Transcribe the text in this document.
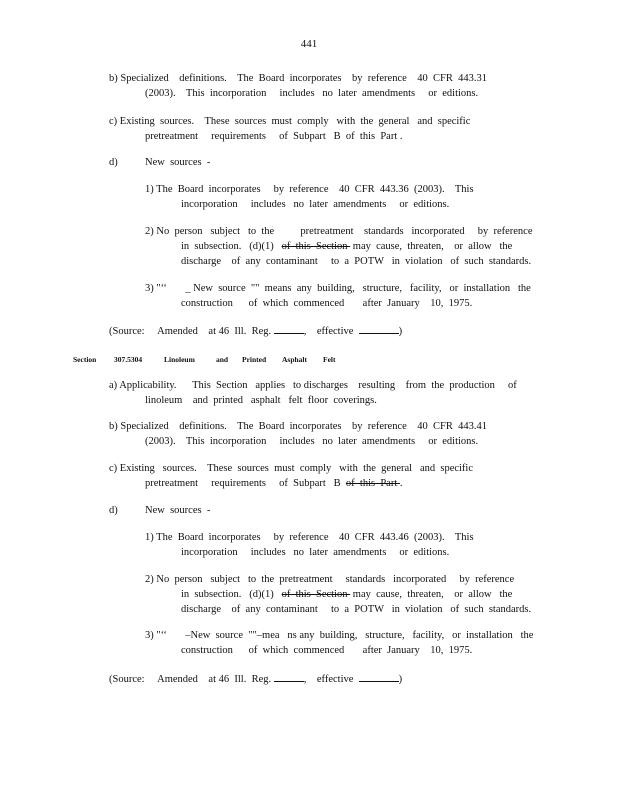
441
b) Specialized    definitions.    The  Board  incorporates    by  reference    40  CFR  443.31
(2003).    This  incorporation     includes   no  later  amendments     or  editions.
c) Existing  sources.    These  sources  must  comply   with  the  general   and  specific
pretreatment     requirements     of  Subpart   B  of  this  Part .
d)	New  sources  -
1) The  Board  incorporates     by  reference    40  CFR  443.36  (2003).    This
incorporation     includes   no  later  amendments     or  editions.
2) No  person   subject   to  the          pretreatment    standards   incorporated     by  reference
in  subsection.   (d)(1)   of  this  Section  may  cause,  threaten,    or  allow   the
discharge    of  any  contaminant     to  a  POTW   in  violation   of  such  standards.
3) "‘‘       _ New  source  ""  means  any  building,   structure,   facility,   or  installation   the
construction      of  which  commenced       after  January    10,  1975.
(Source:     Amended    at 46  Ill.  Reg.	,    effective	)
Section 307.5304	Linoleum	and Printed Asphalt Felt
a) Applicability.      This  Section   applies   to discharges    resulting    from  the  production     of
linoleum    and  printed   asphalt   felt  floor  coverings.
b) Specialized    definitions.    The  Board  incorporates    by  reference    40  CFR  443.41
(2003).    This  incorporation     includes   no  later  amendments     or  editions.
c) Existing   sources.    These  sources  must  comply   with  the  general   and  specific
pretreatment     requirements     of  Subpart   B  of  this  Part .
d)	New  sources  -
1) The  Board  incorporates     by  reference    40  CFR  443.46  (2003).    This
incorporation     includes   no  later  amendments     or  editions.
2) No  person   subject   to  the  pretreatment     standards   incorporated     by  reference
in  subsection.   (d)(1)   of  this  Section  may  cause,  threaten,    or  allow   the
discharge    of  any  contaminant     to  a  POTW   in  violation   of  such  standards.
3) "‘‘       –New  source  ""–mea   ns any  building,   structure,   facility,   or  installation   the
construction      of  which  commenced       after  January    10,  1975.
(Source:     Amended    at 46  Ill.  Reg.	,    effective	)
